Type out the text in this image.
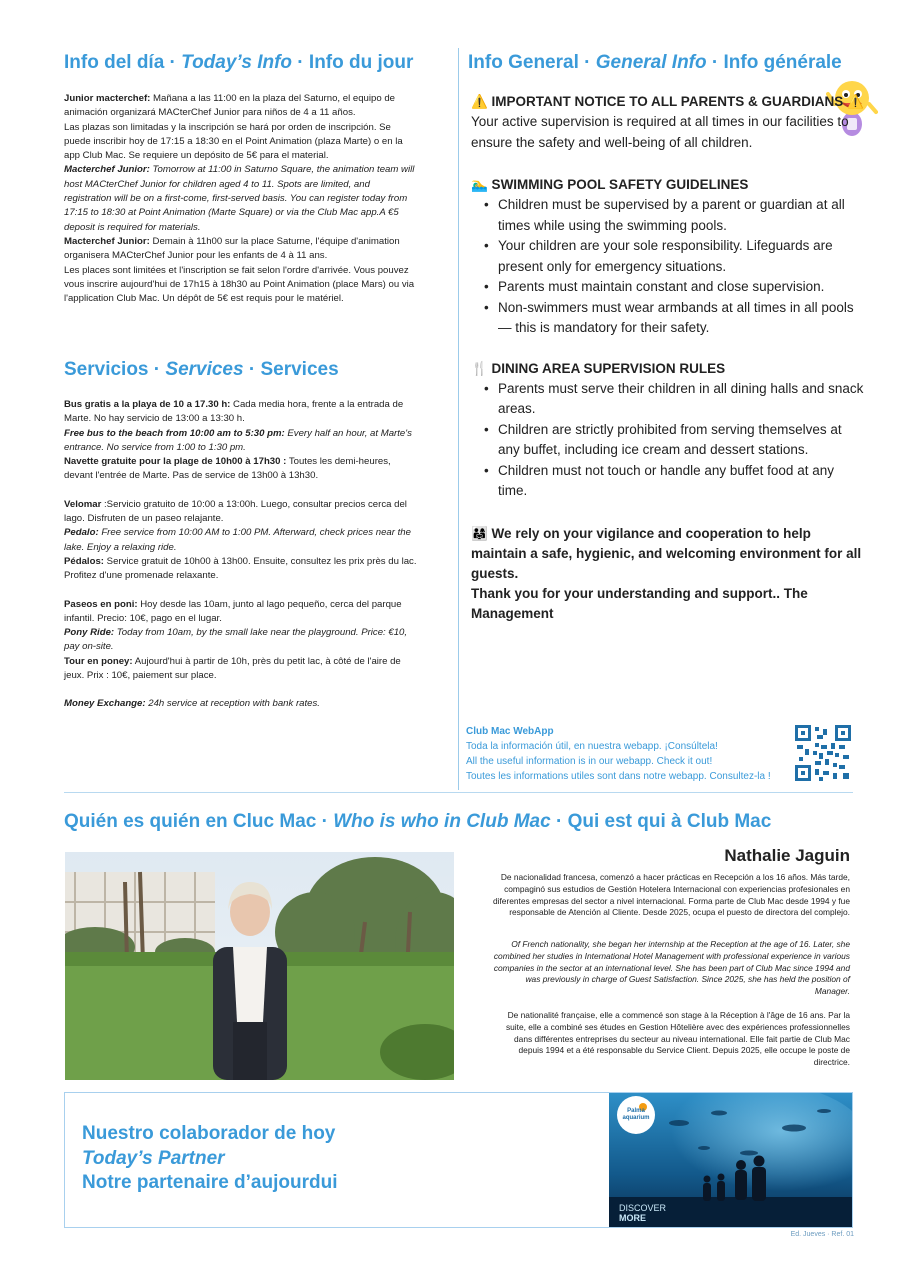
Info del día · Today’s Info · Info du jour

Junior macterchef: Mañana a las 11:00 en la plaza del Saturno, el equipo de animación organizará MACterChef Junior para niños de 4 a 11 años.

Las plazas son limitadas y la inscripción se hará por orden de inscripción. Se puede inscribir hoy de 17:15 a 18:30 en el Point Animation (plaza Marte) o en la app Club Mac. Se requiere un depósito de 5€ para el material.

Macterchef Junior: Tomorrow at 11:00 in Saturno Square, the animation team will host MACterChef Junior for children aged 4 to 11. Spots are limited, and registration will be on a first-come, first-served basis. You can register today from 17:15 to 18:30 at Point Animation (Marte Square) or via the Club Mac app.A €5 deposit is required for materials.

Macterchef Junior: Demain à 11h00 sur la place Saturne, l'équipe d'animation organisera MACterChef Junior pour les enfants de 4 à 11 ans.

Les places sont limitées et l'inscription se fait selon l'ordre d'arrivée. Vous pouvez vous inscrire aujourd'hui de 17h15 à 18h30 au Point Animation (place Mars) ou via l'application Club Mac. Un dépôt de 5€ est requis pour le matériel.

Servicios · Services · Services

Bus gratis a la playa de 10 a 17.30 h: Cada media hora, frente a la entrada de Marte. No hay servicio de 13:00 a 13:30 h.

Free bus to the beach from 10:00 am to 5:30 pm: Every half an hour, at Marte's entrance. No service from 1:00 to 1:30 pm.

Navette gratuite pour la plage de 10h00 à 17h30 : Toutes les demi-heures, devant l'entrée de Marte. Pas de service de 13h00 à 13h30.

Velomar :Servicio gratuito de 10:00 a 13:00h. Luego, consultar precios cerca del lago. Disfruten de un paseo relajante.

Pedalo: Free service from 10:00 AM to 1:00 PM. Afterward, check prices near the lake. Enjoy a relaxing ride.

Pédalos: Service gratuit de 10h00 à 13h00. Ensuite, consultez les prix près du lac. Profitez d'une promenade relaxante.

Paseos en poni: Hoy desde las 10am, junto al lago pequeño, cerca del parque infantil. Precio: 10€, pago en el lugar.

Pony Ride: Today from 10am, by the small lake near the playground. Price: €10, pay on-site.

Tour en poney: Aujourd'hui à partir de 10h, près du petit lac, à côté de l'aire de jeux. Prix : 10€, paiement sur place.

Money Exchange: 24h service at reception with bank rates.

Info General · General Info · Info générale
⚠️ IMPORTANT NOTICE TO ALL PARENTS & GUARDIANS ⚠️
Your active supervision is required at all times in our facilities to ensure the safety and well-being of all children.
🏊‍♂️ SWIMMING POOL SAFETY GUIDELINES
• Children must be supervised by a parent or guardian at all times while using the swimming pools.
• Your children are your sole responsibility. Lifeguards are present only for emergency situations.
• Parents must maintain constant and close supervision.
• Non-swimmers must wear armbands at all times in all pools — this is mandatory for their safety.
🍴 DINING AREA SUPERVISION RULES
• Parents must serve their children in all dining halls and snack areas.
• Children are strictly prohibited from serving themselves at any buffet, including ice cream and dessert stations.
• Children must not touch or handle any buffet food at any time.
👨‍👩‍👧 We rely on your vigilance and cooperation to help maintain a safe, hygienic, and welcoming environment for all guests.
Thank you for your understanding and support.. The Management
Club Mac WebApp
Toda la información útil, en nuestra webapp. ¡Consúltela!
All the useful information is in our webapp. Check it out!
Toutes les informations utiles sont dans notre webapp. Consultez-la !
Quién es quién en Cluc Mac · Who is who in Club Mac · Qui est qui à Club Mac
Nathalie Jaguin
De nacionalidad francesa, comenzó a hacer prácticas en Recepción a los 16 años. Más tarde, compaginó sus estudios de Gestión Hotelera Internacional con experiencias profesionales en diferentes empresas del sector a nivel internacional. Forma parte de Club Mac desde 1994 y fue responsable de Atención al Cliente. Desde 2025, ocupa el puesto de directora del complejo.
Of French nationality, she began her internship at the Reception at the age of 16. Later, she combined her studies in International Hotel Management with professional experience in various companies in the sector at an international level. She has been part of Club Mac since 1994 and was previously in charge of Guest Satisfaction. Since 2025, she has held the position of Manager.
De nationalité française, elle a commencé son stage à la Réception à l'âge de 16 ans. Par la suite, elle a combiné ses études en Gestion Hôtelière avec des expériences professionnelles dans différentes entreprises du secteur au niveau international. Elle fait partie de Club Mac depuis 1994 et a été responsable du Service Client. Depuis 2025, elle occupe le poste de directrice.
Nuestro colaborador de hoy
Today’s Partner
Notre partenaire d’aujourdui
Palma
aquarium
DISCOVER
MORE
Ed. Jueves · Ref. 01
